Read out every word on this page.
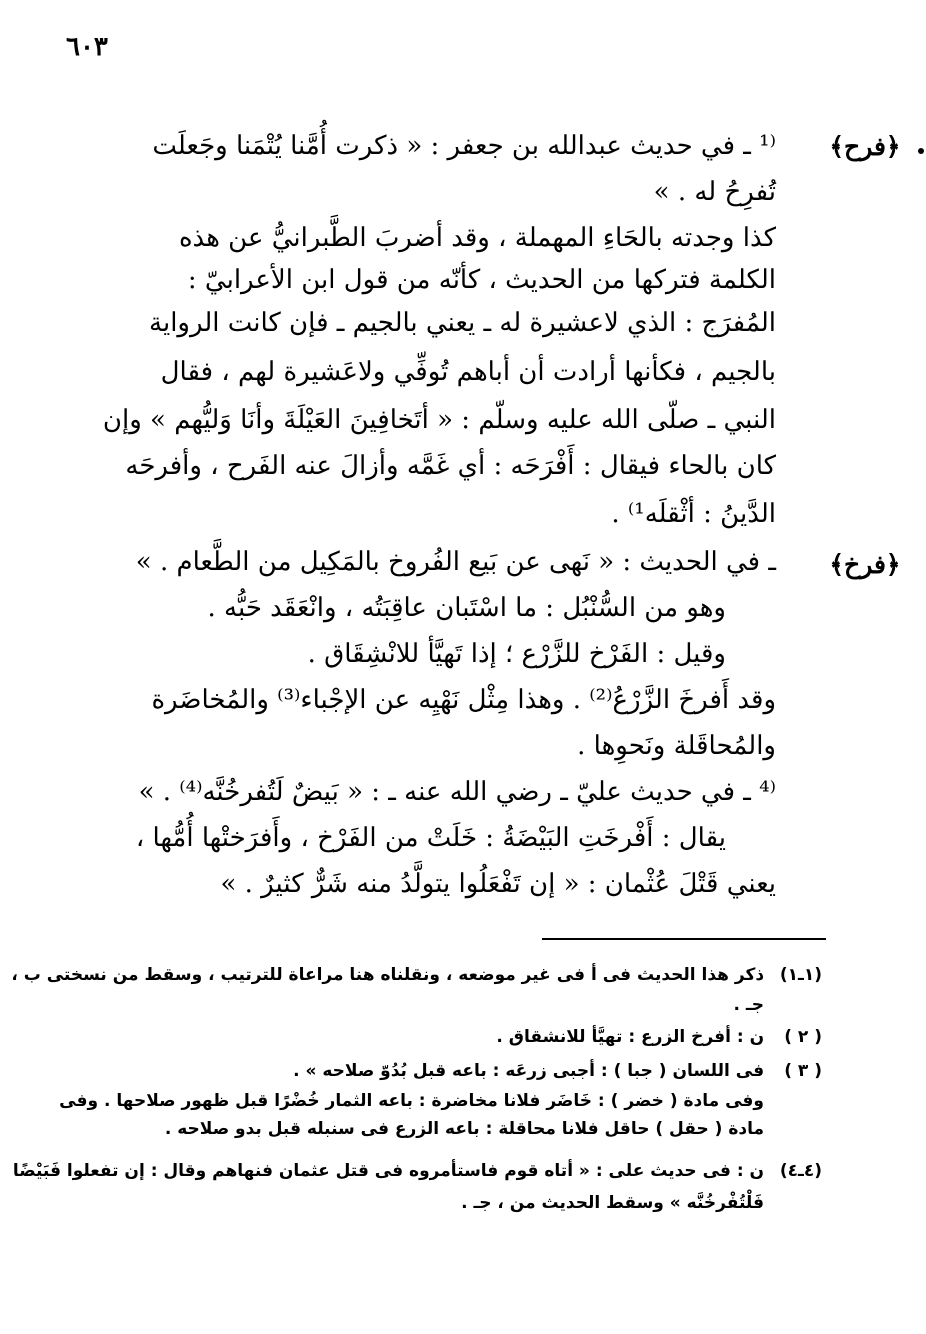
٦٠٣
﴿فرح﴾
⁽¹ ـ في حديث عبدالله بن جعفر : « ذكرت أُمَّنا يُتْمَنا وجَعلَت
تُفرِحُ له . »
كذا وجدته بالحَاءِ المهملة ، وقد أضربَ الطَّبرانيُّ عن هذه
الكلمة فتركها من الحديث ، كأنّه من قول ابن الأعرابيّ :
المُفرَج : الذي لاعشيرة له ـ يعني بالجيم ـ فإن كانت الرواية
بالجيم ، فكأنها أرادت أن أباهم تُوفِّي ولاعَشيرة لهم ، فقال
النبي ـ صلّى الله عليه وسلّم : « أتَخافِينَ العَيْلَةَ وأنَا وَليُّهم » وإن
كان بالحاء فيقال : أَفْرَحَه : أي غَمَّه وأزالَ عنه الفَرح ، وأفرحَه
الدَّينُ : أثْقلَه¹⁾ .
﴿فرخ﴾
ـ في الحديث : « نَهى عن بَيع الفُروخ بالمَكِيل من الطَّعام . »
وهو من السُّنْبُل : ما اسْتَبان عاقِبَتُه ، وانْعَقَد حَبُّه .
وقيل : الفَرْخ للزَّرْع ؛ إذا تَهيَّأ للانْشِقَاق .
وقد أَفرخَ الزَّرْعُ⁽²⁾ . وهذا مِثْل نَهْيِه عن الإجْباء⁽³⁾ والمُخاضَرة
والمُحاقَلة ونَحوِها .
⁽⁴ ـ في حديث عليّ ـ رضي الله عنه ـ : « بَيضٌ لَتُفرخُنَّه⁽⁴⁾ . »
يقال : أَفْرخَتِ البَيْضَةُ : خَلَتْ من الفَرْخ ، وأَفرَختْها أُمُّها ،
يعني قَتْلَ عُثْمان : « إن تَفْعَلُوا يتولَّدُ منه شَرٌّ كثيرٌ . »
(١ـ١) ذكر هذا الحديث فى أ فى غير موضعه ، ونقلناه هنا مراعاة للترتيب ، وسقط من نسختى ب ،
جـ .
( ٢ ) ن : أفرخ الزرع : تهيَّأ للانشقاق .
( ٣ ) فى اللسان ( جبا ) : أجبى زرعَه : باعه قبل بُدُوّ صلاحه » .
وفى مادة ( خضر ) : خَاضَر فلانا مخاضرة : باعه الثمار خُضْرًا قبل ظهور صلاحها . وفى
مادة ( حقل ) حاقل فلانا محاقلة : باعه الزرع فى سنبله قبل بدو صلاحه .
(٤ـ٤) ن : فى حديث على : « أتاه قوم فاستأمروه فى قتل عثمان فنهاهم وقال : إن تفعلوا فَبَيْضًا
فَلْتُفْرخُنَّه » وسقط الحديث من ، جـ .
